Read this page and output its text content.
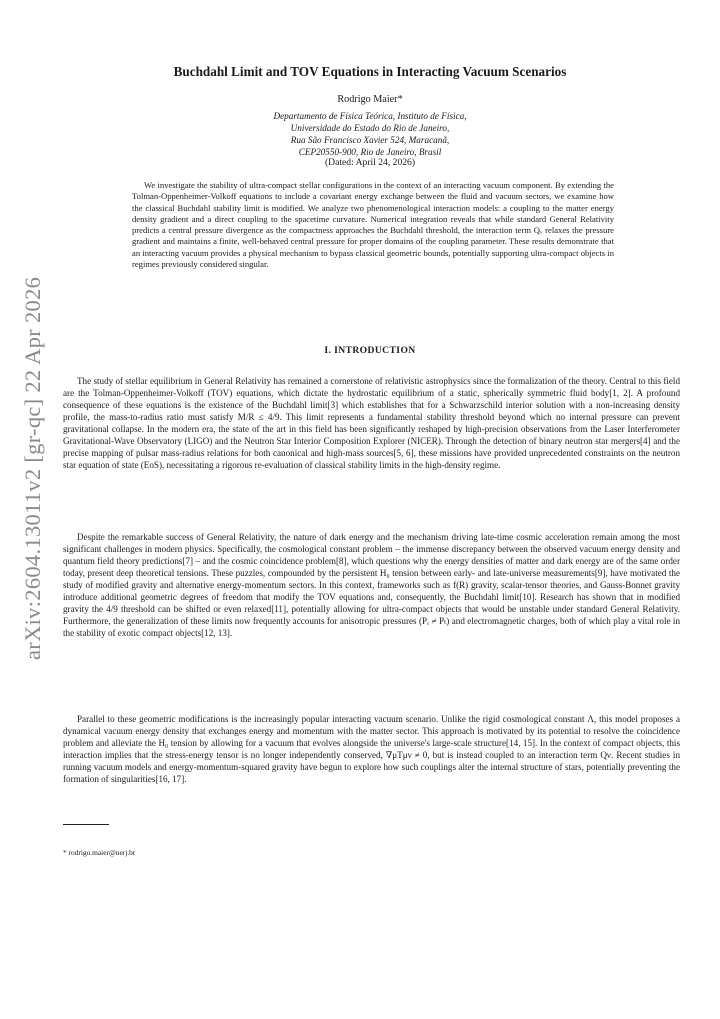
arXiv:2604.13011v2 [gr-qc] 22 Apr 2026
Buchdahl Limit and TOV Equations in Interacting Vacuum Scenarios
Rodrigo Maier*
Departamento de Física Teórica, Instituto de Física,
Universidade do Estado do Rio de Janeiro,
Rua São Francisco Xavier 524, Maracanã,
CEP20550-900, Rio de Janeiro, Brasil
(Dated: April 24, 2026)

We investigate the stability of ultra-compact stellar configurations in the context of an interacting vacuum component. By extending the Tolman-Oppenheimer-Volkoff equations to include a covariant energy exchange between the fluid and vacuum sectors, we examine how the classical Buchdahl stability limit is modified. We analyze two phenomenological interaction models: a coupling to the matter energy density gradient and a direct coupling to the spacetime curvature. Numerical integration reveals that while standard General Relativity predicts a central pressure divergence as the compactness approaches the Buchdahl threshold, the interaction term Qᵥ relaxes the pressure gradient and maintains a finite, well-behaved central pressure for proper domains of the coupling parameter. These results demonstrate that an interacting vacuum provides a physical mechanism to bypass classical geometric bounds, potentially supporting ultra-compact objects in regimes previously considered singular.

I. INTRODUCTION

The study of stellar equilibrium in General Relativity has remained a cornerstone of relativistic astrophysics since the formalization of the theory. Central to this field are the Tolman-Oppenheimer-Volkoff (TOV) equations, which dictate the hydrostatic equilibrium of a static, spherically symmetric fluid body[1, 2]. A profound consequence of these equations is the existence of the Buchdahl limit[3] which establishes that for a Schwarzschild interior solution with a non-increasing density profile, the mass-to-radius ratio must satisfy M/R ≤ 4/9. This limit represents a fundamental stability threshold beyond which no internal pressure can prevent gravitational collapse. In the modern era, the state of the art in this field has been significantly reshaped by high-precision observations from the Laser Interferometer Gravitational-Wave Observatory (LIGO) and the Neutron Star Interior Composition Explorer (NICER). Through the detection of binary neutron star mergers[4] and the precise mapping of pulsar mass-radius relations for both canonical and high-mass sources[5, 6], these missions have provided unprecedented constraints on the neutron star equation of state (EoS), necessitating a rigorous re-evaluation of classical stability limits in the high-density regime.

Despite the remarkable success of General Relativity, the nature of dark energy and the mechanism driving late-time cosmic acceleration remain among the most significant challenges in modern physics. Specifically, the cosmological constant problem – the immense discrepancy between the observed vacuum energy density and quantum field theory predictions[7] – and the cosmic coincidence problem[8], which questions why the energy densities of matter and dark energy are of the same order today, present deep theoretical tensions. These puzzles, compounded by the persistent H₀ tension between early- and late-universe measurements[9], have motivated the study of modified gravity and alternative energy-momentum sectors. In this context, frameworks such as f(R) gravity, scalar-tensor theories, and Gauss-Bonnet gravity introduce additional geometric degrees of freedom that modify the TOV equations and, consequently, the Buchdahl limit[10]. Research has shown that in modified gravity the 4/9 threshold can be shifted or even relaxed[11], potentially allowing for ultra-compact objects that would be unstable under standard General Relativity. Furthermore, the generalization of these limits now frequently accounts for anisotropic pressures (Pᵣ ≠ Pₜ) and electromagnetic charges, both of which play a vital role in the stability of exotic compact objects[12, 13].

Parallel to these geometric modifications is the increasingly popular interacting vacuum scenario. Unlike the rigid cosmological constant Λ, this model proposes a dynamical vacuum energy density that exchanges energy and momentum with the matter sector. This approach is motivated by its potential to resolve the coincidence problem and alleviate the H₀ tension by allowing for a vacuum that evolves alongside the universe's large-scale structure[14, 15]. In the context of compact objects, this interaction implies that the stress-energy tensor is no longer independently conserved, ∇μTμν ≠ 0, but is instead coupled to an interaction term Qν. Recent studies in running vacuum models and energy-momentum-squared gravity have begun to explore how such couplings alter the internal structure of stars, potentially preventing the formation of singularities[16, 17].

* rodrigo.maier@uerj.br
